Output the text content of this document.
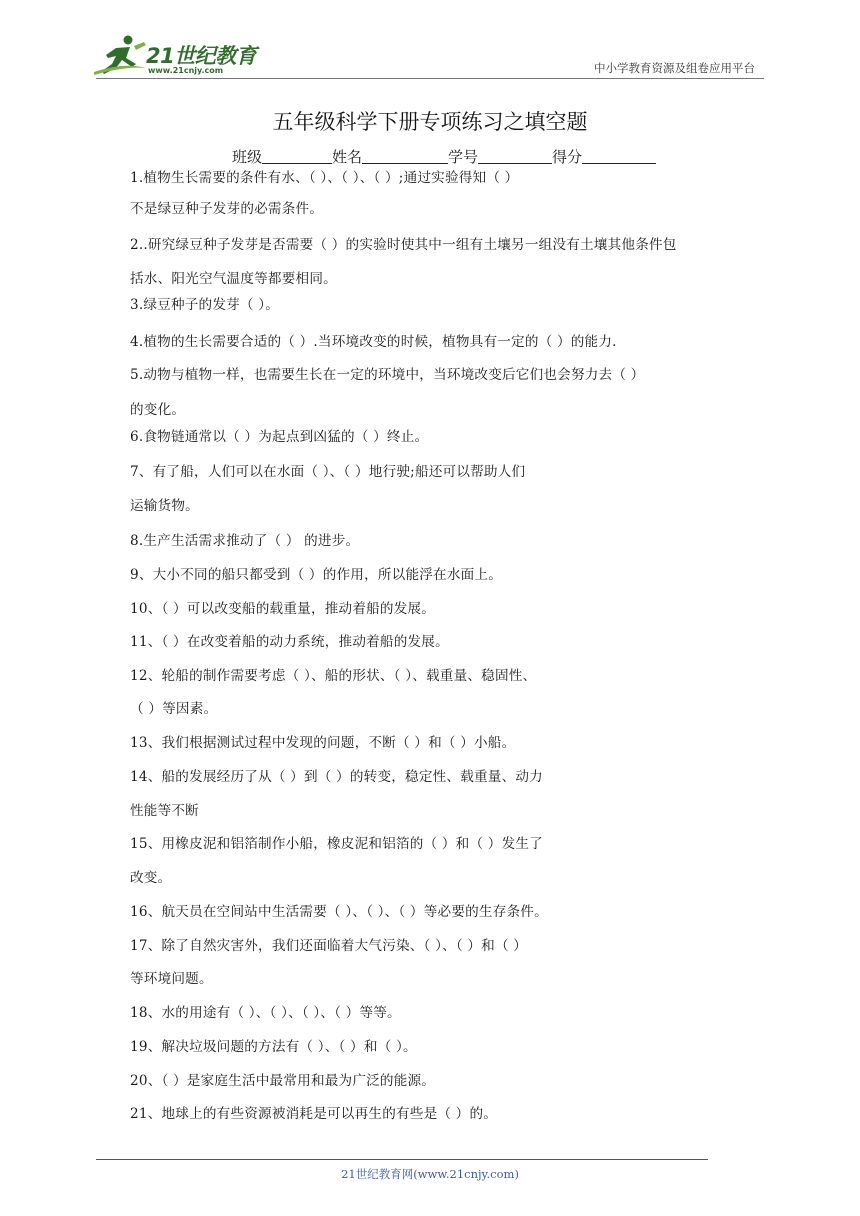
21世纪教育
www.21cnjy.com	中小学教育资源及组卷应用平台
五年级科学下册专项练习之填空题
班级	姓名	学号	得分
1.植物生长需要的条件有水、（ ）、（ ）、（ ）;通过实验得知（ ）
不是绿豆种子发芽的必需条件。
2..研究绿豆种子发芽是否需要（ ）的实验时使其中一组有土壤另一组没有土壤其他条件包
括水、阳光空气温度等都要相同。
3.绿豆种子的发芽（ ）。
4.植物的生长需要合适的（ ）.当环境改变的时候，植物具有一定的（ ）的能力.
5.动物与植物一样，也需要生长在一定的环境中，当环境改变后它们也会努力去（ ）
的变化。
6.食物链通常以（ ）为起点到凶猛的（ ）终止。
7、有了船，人们可以在水面（ ）、（ ）地行驶;船还可以帮助人们
运输货物。
8.生产生活需求推动了（ ） 的进步。
9、大小不同的船只都受到（ ）的作用，所以能浮在水面上。
10、（ ）可以改变船的载重量，推动着船的发展。
11、（ ）在改变着船的动力系统，推动着船的发展。
12、轮船的制作需要考虑（ ）、船的形状、（ ）、载重量、稳固性、
（ ）等因素。
13、我们根据测试过程中发现的问题，不断（ ）和（ ）小船。
14、船的发展经历了从（ ）到（ ）的转变，稳定性、载重量、动力
性能等不断
15、用橡皮泥和铝箔制作小船，橡皮泥和铝箔的（ ）和（ ）发生了
改变。
16、航天员在空间站中生活需要（ ）、（ ）、（ ）等必要的生存条件。
17、除了自然灾害外，我们还面临着大气污染、（ ）、（ ）和（ ）
等环境问题。
18、水的用途有（ ）、（ ）、（ ）、（ ）等等。
19、解决垃圾问题的方法有（ ）、（ ）和（ ）。
20、（ ）是家庭生活中最常用和最为广泛的能源。
21、地球上的有些资源被消耗是可以再生的有些是（ ）的。
21世纪教育网(www.21cnjy.com)
